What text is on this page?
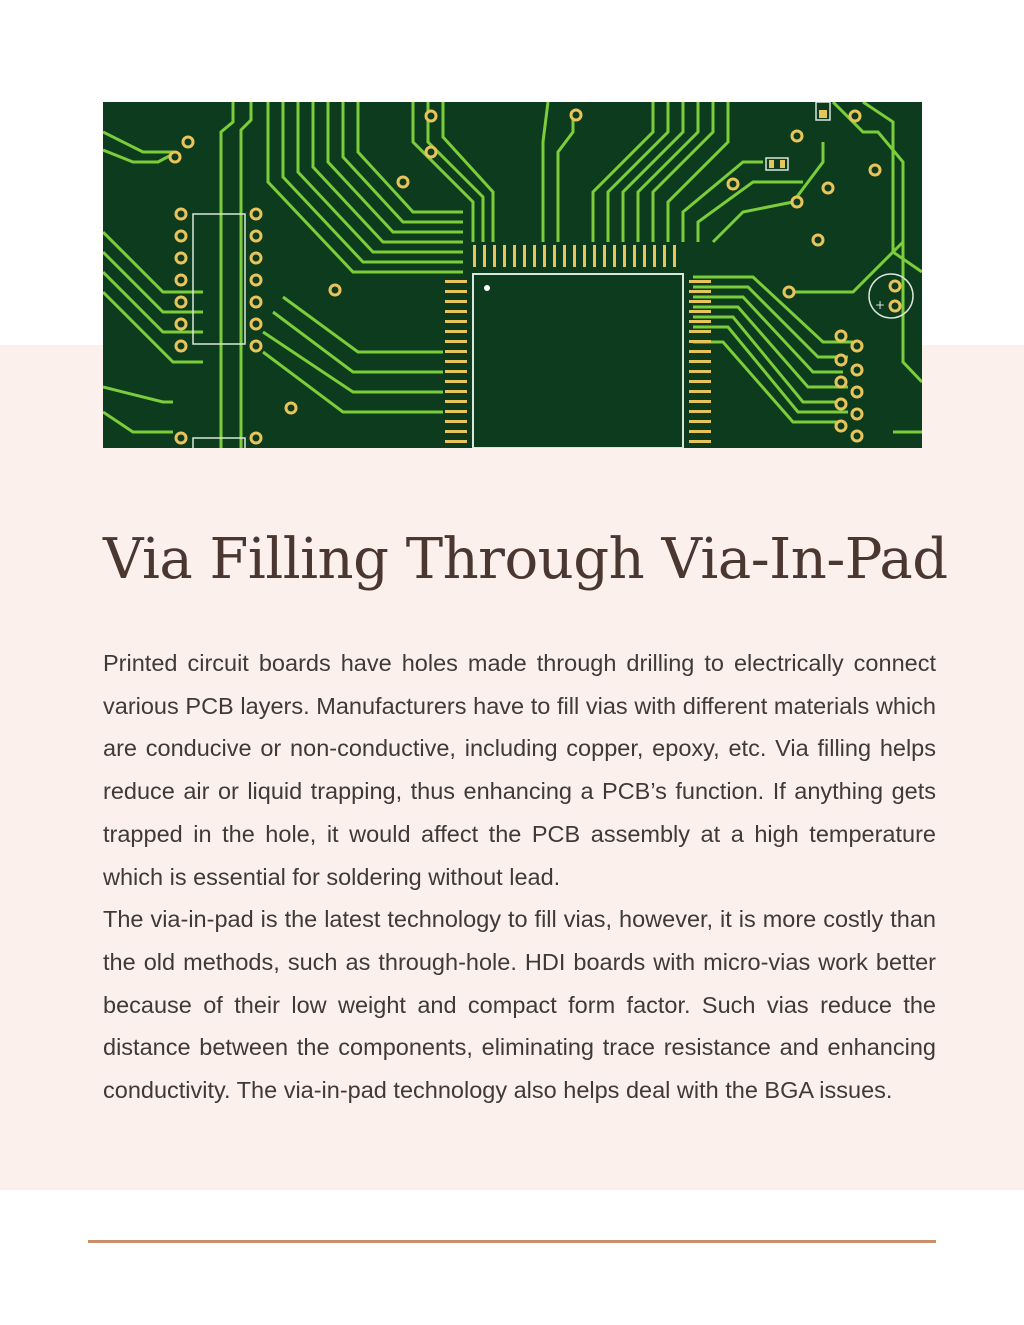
+
Via Filling Through Via-In-Pad

Printed circuit boards have holes made through drilling to electrically connect various PCB layers. Manufacturers have to fill vias with different materials which are conducive or non-conductive, including copper, epoxy, etc. Via filling helps reduce air or liquid trapping, thus enhancing a PCB’s function. If anything gets trapped in the hole, it would affect the PCB assembly at a high temperature which is essential for soldering without lead.

The via-in-pad is the latest technology to fill vias, however, it is more costly than the old methods, such as through-hole. HDI boards with micro-vias work better because of their low weight and compact form factor. Such vias reduce the distance between the components, eliminating trace resistance and enhancing conductivity. The via-in-pad technology also helps deal with the BGA issues.
